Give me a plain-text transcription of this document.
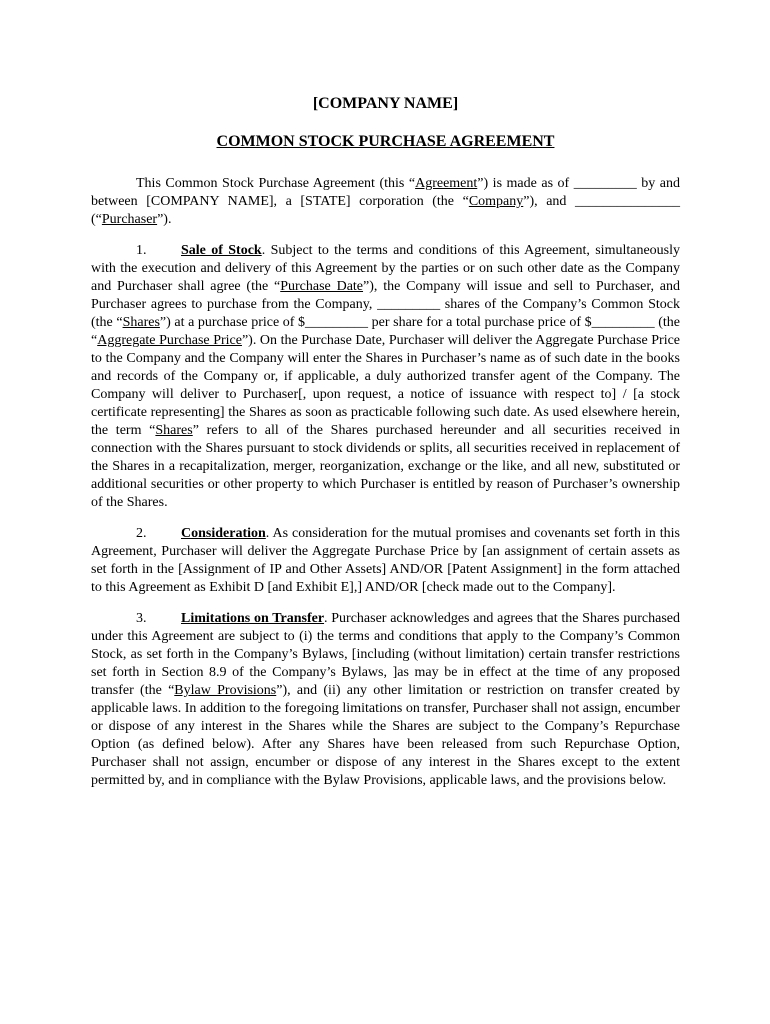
[COMPANY NAME]
COMMON STOCK PURCHASE AGREEMENT

This Common Stock Purchase Agreement (this “Agreement”) is made as of _________ by and between [COMPANY NAME], a [STATE] corporation (the “Company”), and _______________ (“Purchaser”).

1. Sale of Stock. Subject to the terms and conditions of this Agreement, simultaneously with the execution and delivery of this Agreement by the parties or on such other date as the Company and Purchaser shall agree (the “Purchase Date”), the Company will issue and sell to Purchaser, and Purchaser agrees to purchase from the Company, _________ shares of the Company’s Common Stock (the “Shares”) at a purchase price of $_________ per share for a total purchase price of $_________ (the “Aggregate Purchase Price”). On the Purchase Date, Purchaser will deliver the Aggregate Purchase Price to the Company and the Company will enter the Shares in Purchaser’s name as of such date in the books and records of the Company or, if applicable, a duly authorized transfer agent of the Company. The Company will deliver to Purchaser[, upon request, a notice of issuance with respect to] / [a stock certificate representing] the Shares as soon as practicable following such date. As used elsewhere herein, the term “Shares” refers to all of the Shares purchased hereunder and all securities received in connection with the Shares pursuant to stock dividends or splits, all securities received in replacement of the Shares in a recapitalization, merger, reorganization, exchange or the like, and all new, substituted or additional securities or other property to which Purchaser is entitled by reason of Purchaser’s ownership of the Shares.

2. Consideration. As consideration for the mutual promises and covenants set forth in this Agreement, Purchaser will deliver the Aggregate Purchase Price by [an assignment of certain assets as set forth in the [Assignment of IP and Other Assets] AND/OR [Patent Assignment] in the form attached to this Agreement as Exhibit D [and Exhibit E],] AND/OR [check made out to the Company].

3. Limitations on Transfer. Purchaser acknowledges and agrees that the Shares purchased under this Agreement are subject to (i) the terms and conditions that apply to the Company’s Common Stock, as set forth in the Company’s Bylaws, [including (without limitation) certain transfer restrictions set forth in Section 8.9 of the Company’s Bylaws, ]as may be in effect at the time of any proposed transfer (the “Bylaw Provisions”), and (ii) any other limitation or restriction on transfer created by applicable laws. In addition to the foregoing limitations on transfer, Purchaser shall not assign, encumber or dispose of any interest in the Shares while the Shares are subject to the Company’s Repurchase Option (as defined below). After any Shares have been released from such Repurchase Option, Purchaser shall not assign, encumber or dispose of any interest in the Shares except to the extent permitted by, and in compliance with the Bylaw Provisions, applicable laws, and the provisions below.
